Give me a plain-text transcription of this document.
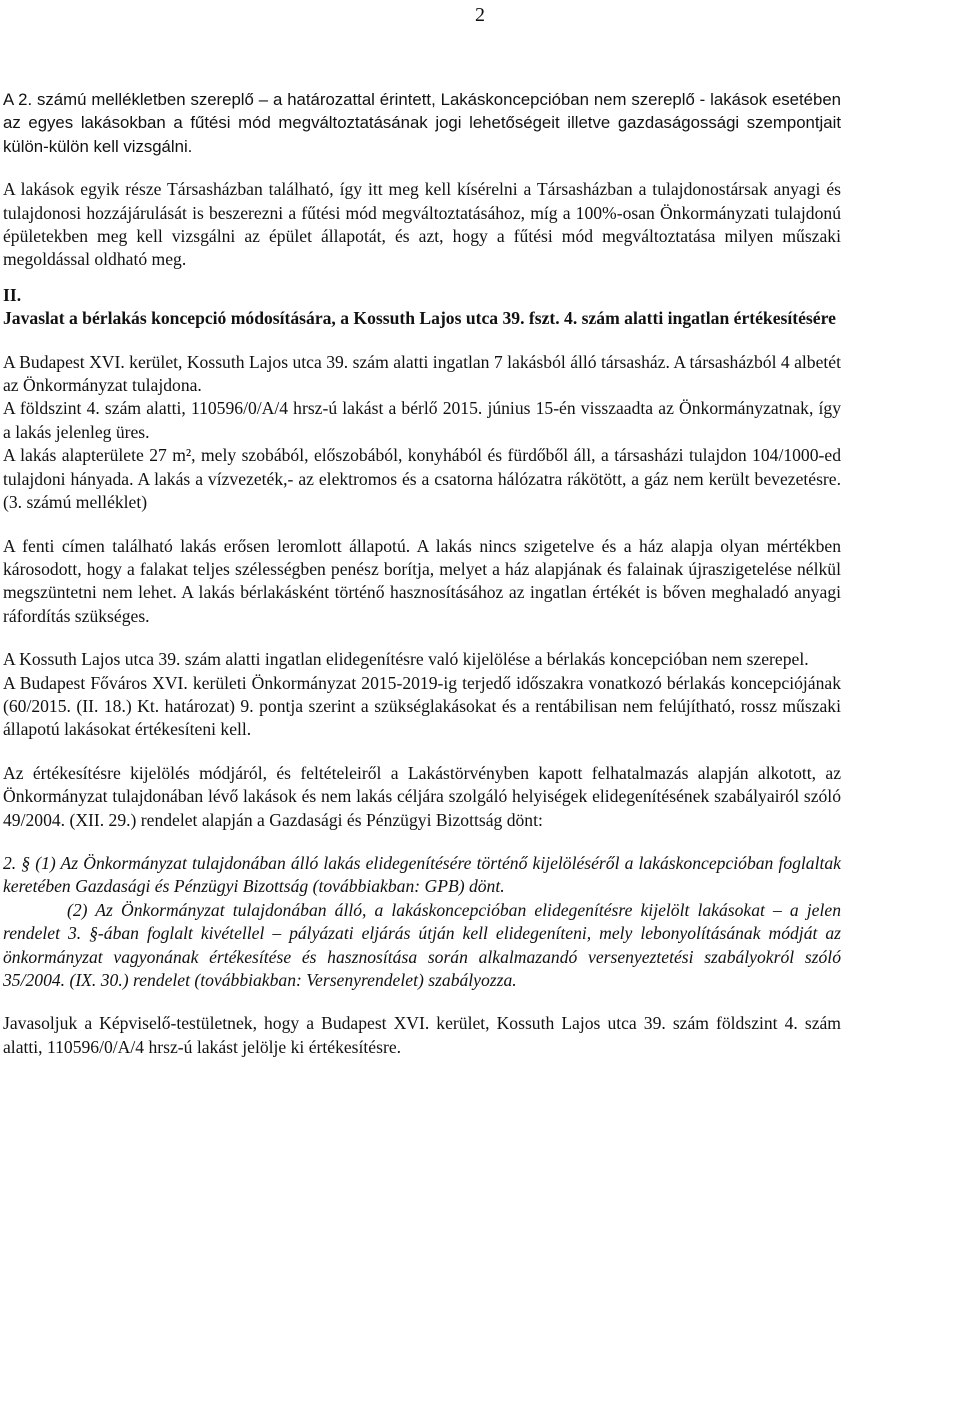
2

A 2. számú mellékletben szereplő – a határozattal érintett, Lakáskoncepcióban nem szereplő - lakások esetében az egyes lakásokban a fűtési mód megváltoztatásának jogi lehetőségeit illetve gazdaságossági szempontjait külön-külön kell vizsgálni.

A lakások egyik része Társasházban található, így itt meg kell kísérelni a Társasházban a tulajdonostársak anyagi és tulajdonosi hozzájárulását is beszerezni a fűtési mód megváltoztatásához, míg a 100%-osan Önkormányzati tulajdonú épületekben meg kell vizsgálni az épület állapotát, és azt, hogy a fűtési mód megváltoztatása milyen műszaki megoldással oldható meg.

II.

Javaslat a bérlakás koncepció módosítására, a Kossuth Lajos utca 39. fszt. 4. szám alatti ingatlan értékesítésére

A Budapest XVI. kerület, Kossuth Lajos utca 39. szám alatti ingatlan 7 lakásból álló társasház. A társasházból 4 albetét az Önkormányzat tulajdona.

A földszint 4. szám alatti, 110596/0/A/4 hrsz-ú lakást a bérlő 2015. június 15-én visszaadta az Önkormányzatnak, így a lakás jelenleg üres.

A lakás alapterülete 27 m², mely szobából, előszobából, konyhából és fürdőből áll, a társasházi tulajdon 104/1000-ed tulajdoni hányada. A lakás a vízvezeték,- az elektromos és a csatorna hálózatra rákötött, a gáz nem került bevezetésre. (3. számú melléklet)

A fenti címen található lakás erősen leromlott állapotú. A lakás nincs szigetelve és a ház alapja olyan mértékben károsodott, hogy a falakat teljes szélességben penész borítja, melyet a ház alapjának és falainak újraszigetelése nélkül megszüntetni nem lehet. A lakás bérlakásként történő hasznosításához az ingatlan értékét is bőven meghaladó anyagi ráfordítás szükséges.

A Kossuth Lajos utca 39. szám alatti ingatlan elidegenítésre való kijelölése a bérlakás koncepcióban nem szerepel.

A Budapest Főváros XVI. kerületi Önkormányzat 2015-2019-ig terjedő időszakra vonatkozó bérlakás koncepciójának (60/2015. (II. 18.) Kt. határozat) 9. pontja szerint a szükséglakásokat és a rentábilisan nem felújítható, rossz műszaki állapotú lakásokat értékesíteni kell.

Az értékesítésre kijelölés módjáról, és feltételeiről a Lakástörvényben kapott felhatalmazás alapján alkotott, az Önkormányzat tulajdonában lévő lakások és nem lakás céljára szolgáló helyiségek elidegenítésének szabályairól szóló 49/2004. (XII. 29.) rendelet alapján a Gazdasági és Pénzügyi Bizottság dönt:

2. § (1) Az Önkormányzat tulajdonában álló lakás elidegenítésére történő kijelöléséről a lakáskoncepcióban foglaltak keretében Gazdasági és Pénzügyi Bizottság (továbbiakban: GPB) dönt.

(2) Az Önkormányzat tulajdonában álló, a lakáskoncepcióban elidegenítésre kijelölt lakásokat – a jelen rendelet 3. §-ában foglalt kivétellel – pályázati eljárás útján kell elidegeníteni, mely lebonyolításának módját az önkormányzat vagyonának értékesítése és hasznosítása során alkalmazandó versenyeztetési szabályokról szóló 35/2004. (IX. 30.) rendelet (továbbiakban: Versenyrendelet) szabályozza.

Javasoljuk a Képviselő-testületnek, hogy a Budapest XVI. kerület, Kossuth Lajos utca 39. szám földszint 4. szám alatti, 110596/0/A/4 hrsz-ú lakást jelölje ki értékesítésre.
